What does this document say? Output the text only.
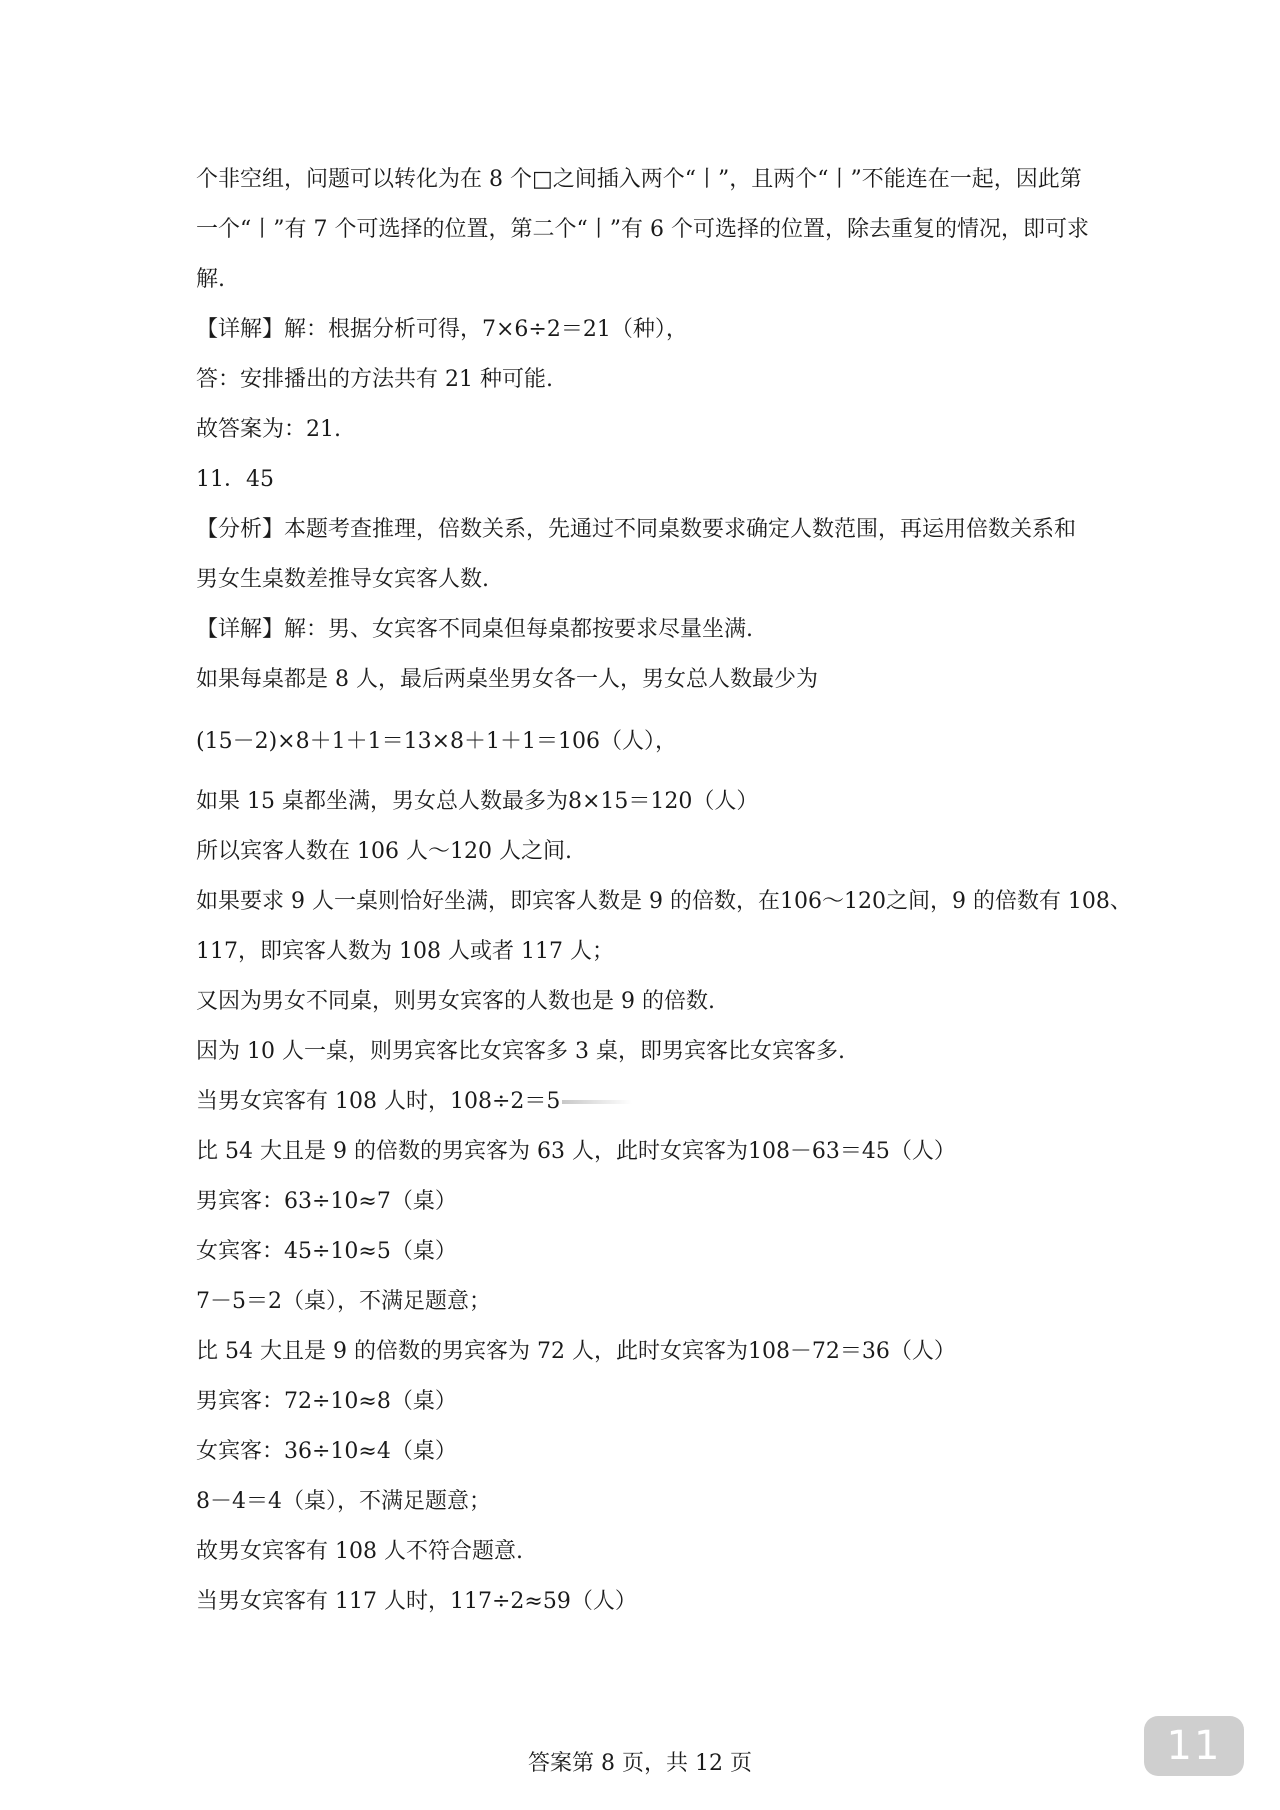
个非空组，问题可以转化为在 8 个□之间插入两个“丨”，且两个“丨”不能连在一起，因此第
一个“丨”有 7 个可选择的位置，第二个“丨”有 6 个可选择的位置，除去重复的情况，即可求
解.
【详解】解：根据分析可得，7×6÷2＝21（种），
答：安排播出的方法共有 21 种可能.
故答案为：21.
11．45
【分析】本题考查推理，倍数关系，先通过不同桌数要求确定人数范围，再运用倍数关系和
男女生桌数差推导女宾客人数.
【详解】解：男、女宾客不同桌但每桌都按要求尽量坐满.
如果每桌都是 8 人，最后两桌坐男女各一人，男女总人数最少为
(15－2)×8＋1＋1＝13×8＋1＋1＝106（人），
如果 15 桌都坐满，男女总人数最多为8×15＝120（人）
所以宾客人数在 106 人～120 人之间.
如果要求 9 人一桌则恰好坐满，即宾客人数是 9 的倍数，在106～120之间，9 的倍数有 108、
117，即宾客人数为 108 人或者 117 人；
又因为男女不同桌，则男女宾客的人数也是 9 的倍数.
因为 10 人一桌，则男宾客比女宾客多 3 桌，即男宾客比女宾客多.
当男女宾客有 108 人时，108÷2＝5
比 54 大且是 9 的倍数的男宾客为 63 人，此时女宾客为108－63＝45（人）
男宾客：63÷10≈7（桌）
女宾客：45÷10≈5（桌）
7－5＝2（桌），不满足题意；
比 54 大且是 9 的倍数的男宾客为 72 人，此时女宾客为108－72＝36（人）
男宾客：72÷10≈8（桌）
女宾客：36÷10≈4（桌）
8－4＝4（桌），不满足题意；
故男女宾客有 108 人不符合题意.
当男女宾客有 117 人时，117÷2≈59（人）
答案第 8 页，共 12 页	11
